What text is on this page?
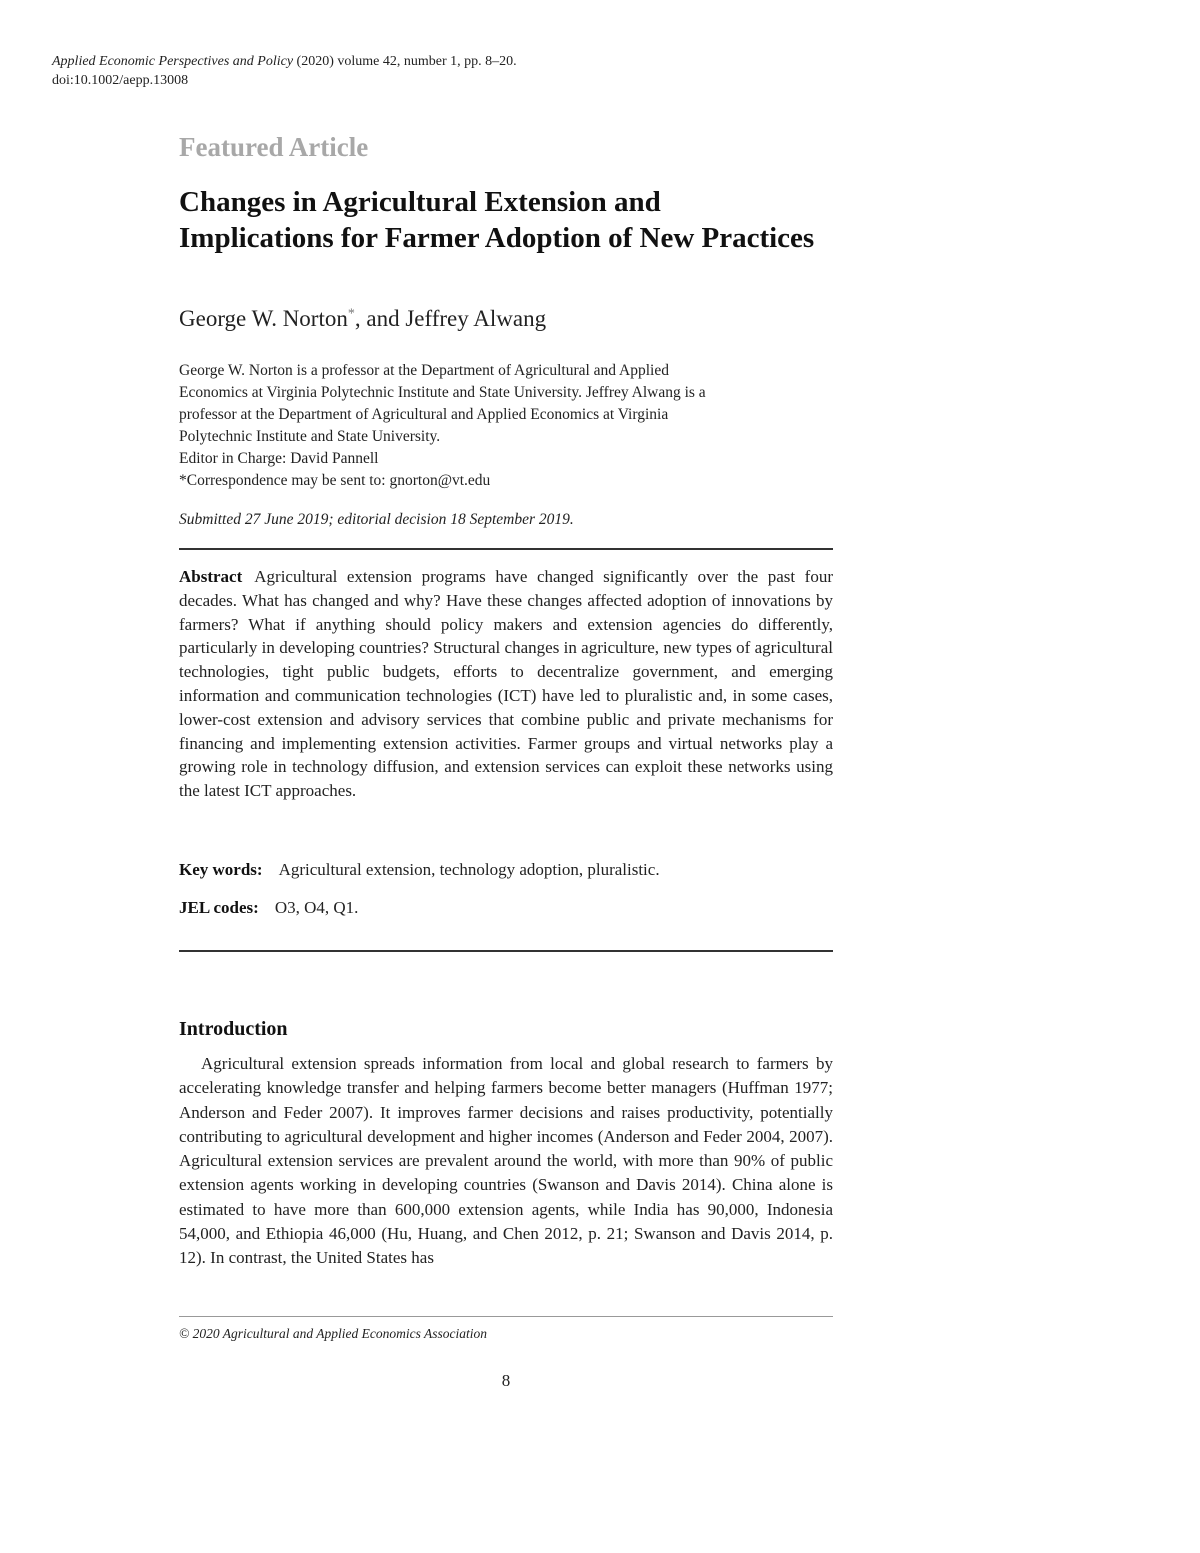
Applied Economic Perspectives and Policy (2020) volume 42, number 1, pp. 8–20.
doi:10.1002/aepp.13008
Featured Article
Changes in Agricultural Extension and Implications for Farmer Adoption of New Practices
George W. Norton*, and Jeffrey Alwang
George W. Norton is a professor at the Department of Agricultural and Applied
Economics at Virginia Polytechnic Institute and State University. Jeffrey Alwang is a
professor at the Department of Agricultural and Applied Economics at Virginia
Polytechnic Institute and State University.
Editor in Charge: David Pannell
*Correspondence may be sent to: gnorton@vt.edu
Submitted 27 June 2019; editorial decision 18 September 2019.
Abstract Agricultural extension programs have changed significantly over the past four decades. What has changed and why? Have these changes affected adoption of innovations by farmers? What if anything should policy makers and extension agencies do differently, particularly in developing countries? Structural changes in agriculture, new types of agricultural technologies, tight public budgets, efforts to decentralize government, and emerging information and communication technologies (ICT) have led to pluralistic and, in some cases, lower-cost extension and advisory services that combine public and private mechanisms for financing and implementing extension activities. Farmer groups and virtual networks play a growing role in technology diffusion, and extension services can exploit these networks using the latest ICT approaches.
Key words: Agricultural extension, technology adoption, pluralistic.
JEL codes: O3, O4, Q1.
Introduction
Agricultural extension spreads information from local and global research to farmers by accelerating knowledge transfer and helping farmers become better managers (Huffman 1977; Anderson and Feder 2007). It improves farmer decisions and raises productivity, potentially contributing to agricultural development and higher incomes (Anderson and Feder 2004, 2007). Agricultural extension services are prevalent around the world, with more than 90% of public extension agents working in developing countries (Swanson and Davis 2014). China alone is estimated to have more than 600,000 extension agents, while India has 90,000, Indonesia 54,000, and Ethiopia 46,000 (Hu, Huang, and Chen 2012, p. 21; Swanson and Davis 2014, p. 12). In contrast, the United States has
© 2020 Agricultural and Applied Economics Association
8
